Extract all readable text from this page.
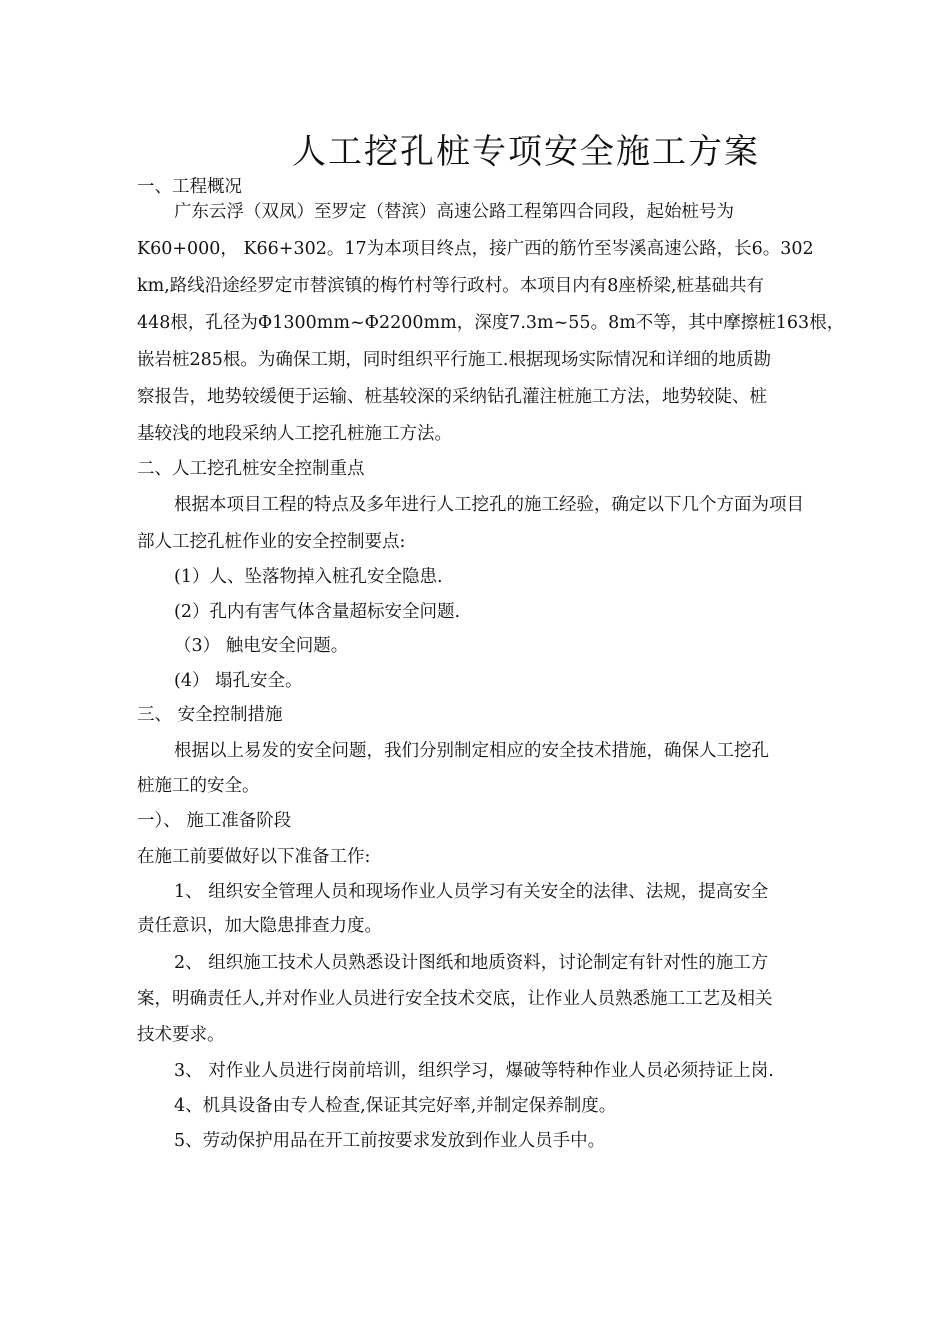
人工挖孔桩专项安全施工方案
一、工程概况
广东云浮（双凤）至罗定（替滨）高速公路工程第四合同段，起始桩号为
K60+000， K66+302。17为本项目终点，接广西的筋竹至岑溪高速公路，长6。302
km,路线沿途经罗定市替滨镇的梅竹村等行政村。本项目内有8座桥梁,桩基础共有
448根，孔径为Φ1300mm~Φ2200mm，深度7.3m~55。8m不等，其中摩擦桩163根，
嵌岩桩285根。为确保工期，同时组织平行施工.根据现场实际情况和详细的地质勘
察报告，地势较缓便于运输、桩基较深的采纳钻孔灌注桩施工方法，地势较陡、桩
基较浅的地段采纳人工挖孔桩施工方法。
二、人工挖孔桩安全控制重点
根据本项目工程的特点及多年进行人工挖孔的施工经验，确定以下几个方面为项目
部人工挖孔桩作业的安全控制要点:
(1）人、坠落物掉入桩孔安全隐患.
(2）孔内有害气体含量超标安全问题.
（3） 触电安全问题。
(4） 塌孔安全。
三、 安全控制措施
根据以上易发的安全问题，我们分别制定相应的安全技术措施，确保人工挖孔
桩施工的安全。
一）、 施工准备阶段
在施工前要做好以下准备工作:
1、 组织安全管理人员和现场作业人员学习有关安全的法律、法规，提高安全
责任意识，加大隐患排查力度。
2、 组织施工技术人员熟悉设计图纸和地质资料，讨论制定有针对性的施工方
案，明确责任人,并对作业人员进行安全技术交底，让作业人员熟悉施工工艺及相关
技术要求。
3、 对作业人员进行岗前培训，组织学习，爆破等特种作业人员必须持证上岗.
4、机具设备由专人检查,保证其完好率,并制定保养制度。
5、劳动保护用品在开工前按要求发放到作业人员手中。
